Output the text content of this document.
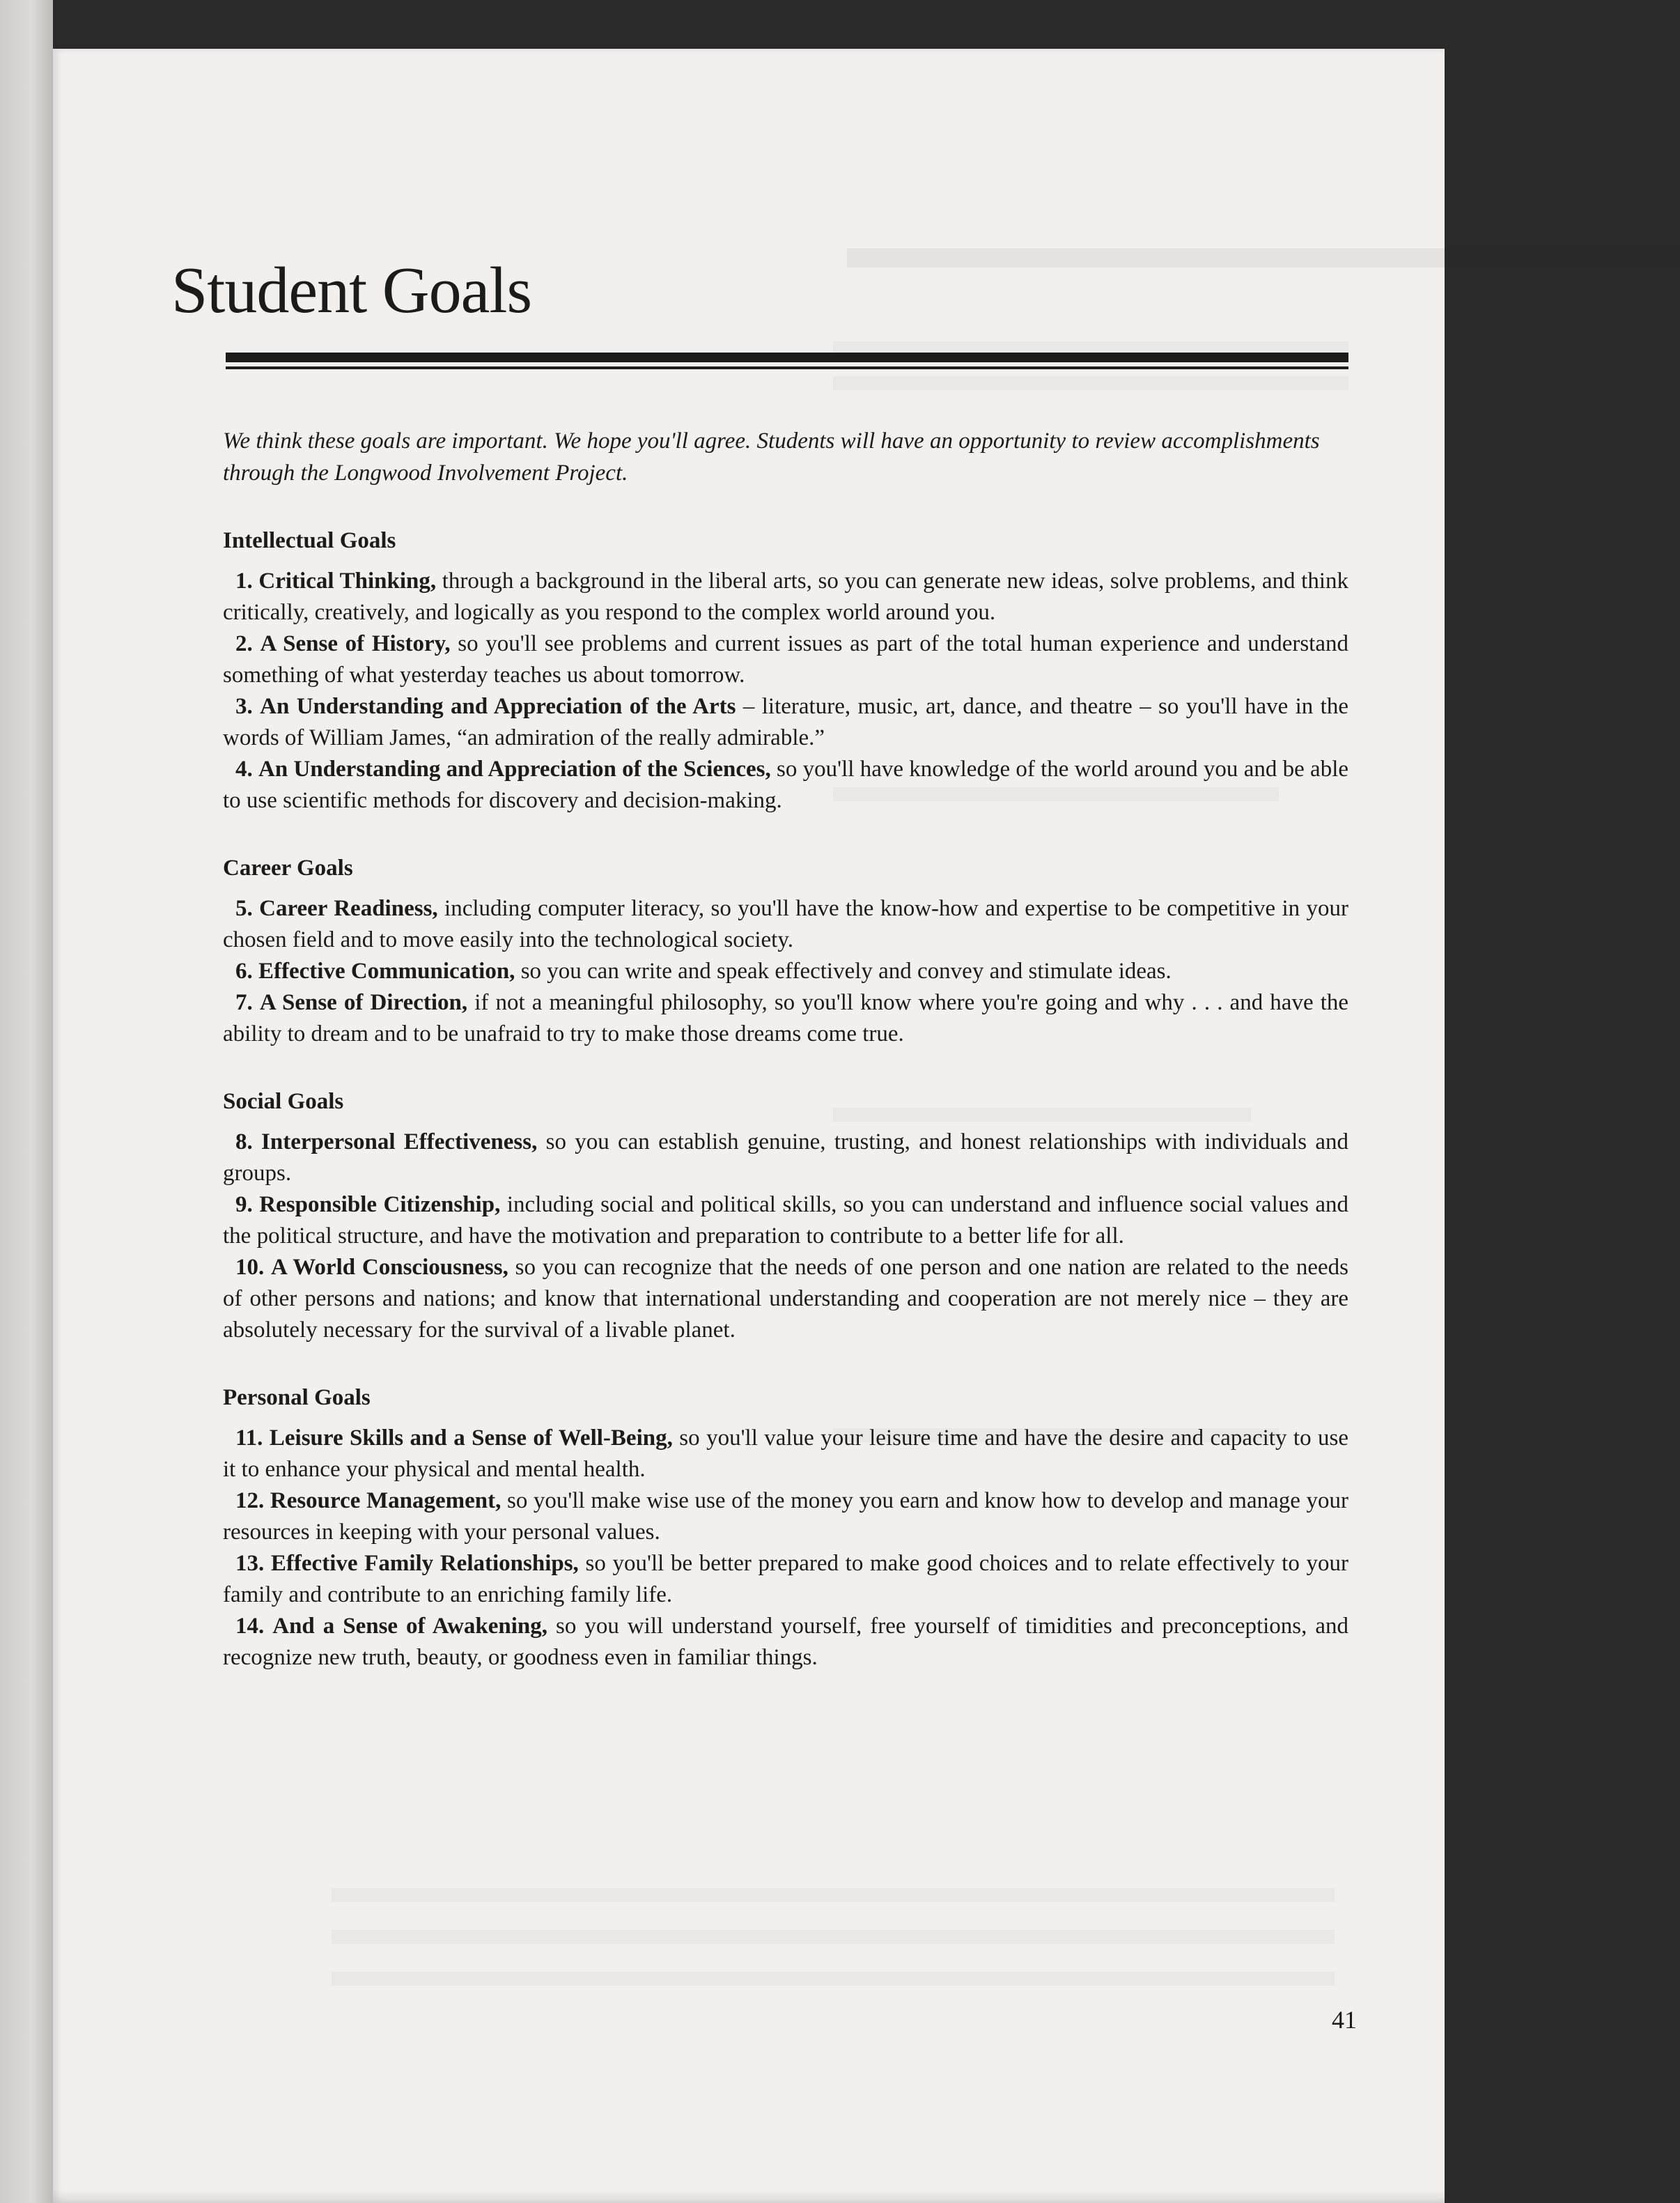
▬▬▬▬▬▬▬▬▬▬▬▬▬
Student Goals

We think these goals are important. We hope you'll agree. Students will have an opportunity to review accomplishments through the Longwood Involvement Project.

Intellectual Goals

1. Critical Thinking, through a background in the liberal arts, so you can generate new ideas, solve problems, and think critically, creatively, and logically as you respond to the complex world around you.

2. A Sense of History, so you'll see problems and current issues as part of the total human experience and understand something of what yesterday teaches us about tomorrow.

3. An Understanding and Appreciation of the Arts – literature, music, art, dance, and theatre – so you'll have in the words of William James, “an admiration of the really admirable.”

4. An Understanding and Appreciation of the Sciences, so you'll have knowledge of the world around you and be able to use scientific methods for discovery and decision-making.

Career Goals

5. Career Readiness, including computer literacy, so you'll have the know-how and expertise to be competitive in your chosen field and to move easily into the technological society.

6. Effective Communication, so you can write and speak effectively and convey and stimulate ideas.

7. A Sense of Direction, if not a meaningful philosophy, so you'll know where you're going and why . . . and have the ability to dream and to be unafraid to try to make those dreams come true.

Social Goals

8. Interpersonal Effectiveness, so you can establish genuine, trusting, and honest relationships with individuals and groups.

9. Responsible Citizenship, including social and political skills, so you can understand and influence social values and the political structure, and have the motivation and preparation to contribute to a better life for all.

10. A World Consciousness, so you can recognize that the needs of one person and one nation are related to the needs of other persons and nations; and know that international understanding and cooperation are not merely nice – they are absolutely necessary for the survival of a livable planet.

Personal Goals

11. Leisure Skills and a Sense of Well-Being, so you'll value your leisure time and have the desire and capacity to use it to enhance your physical and mental health.

12. Resource Management, so you'll make wise use of the money you earn and know how to develop and manage your resources in keeping with your personal values.

13. Effective Family Relationships, so you'll be better prepared to make good choices and to relate effectively to your family and contribute to an enriching family life.

14. And a Sense of Awakening, so you will understand yourself, free yourself of timidities and preconceptions, and recognize new truth, beauty, or goodness even in familiar things.

41
